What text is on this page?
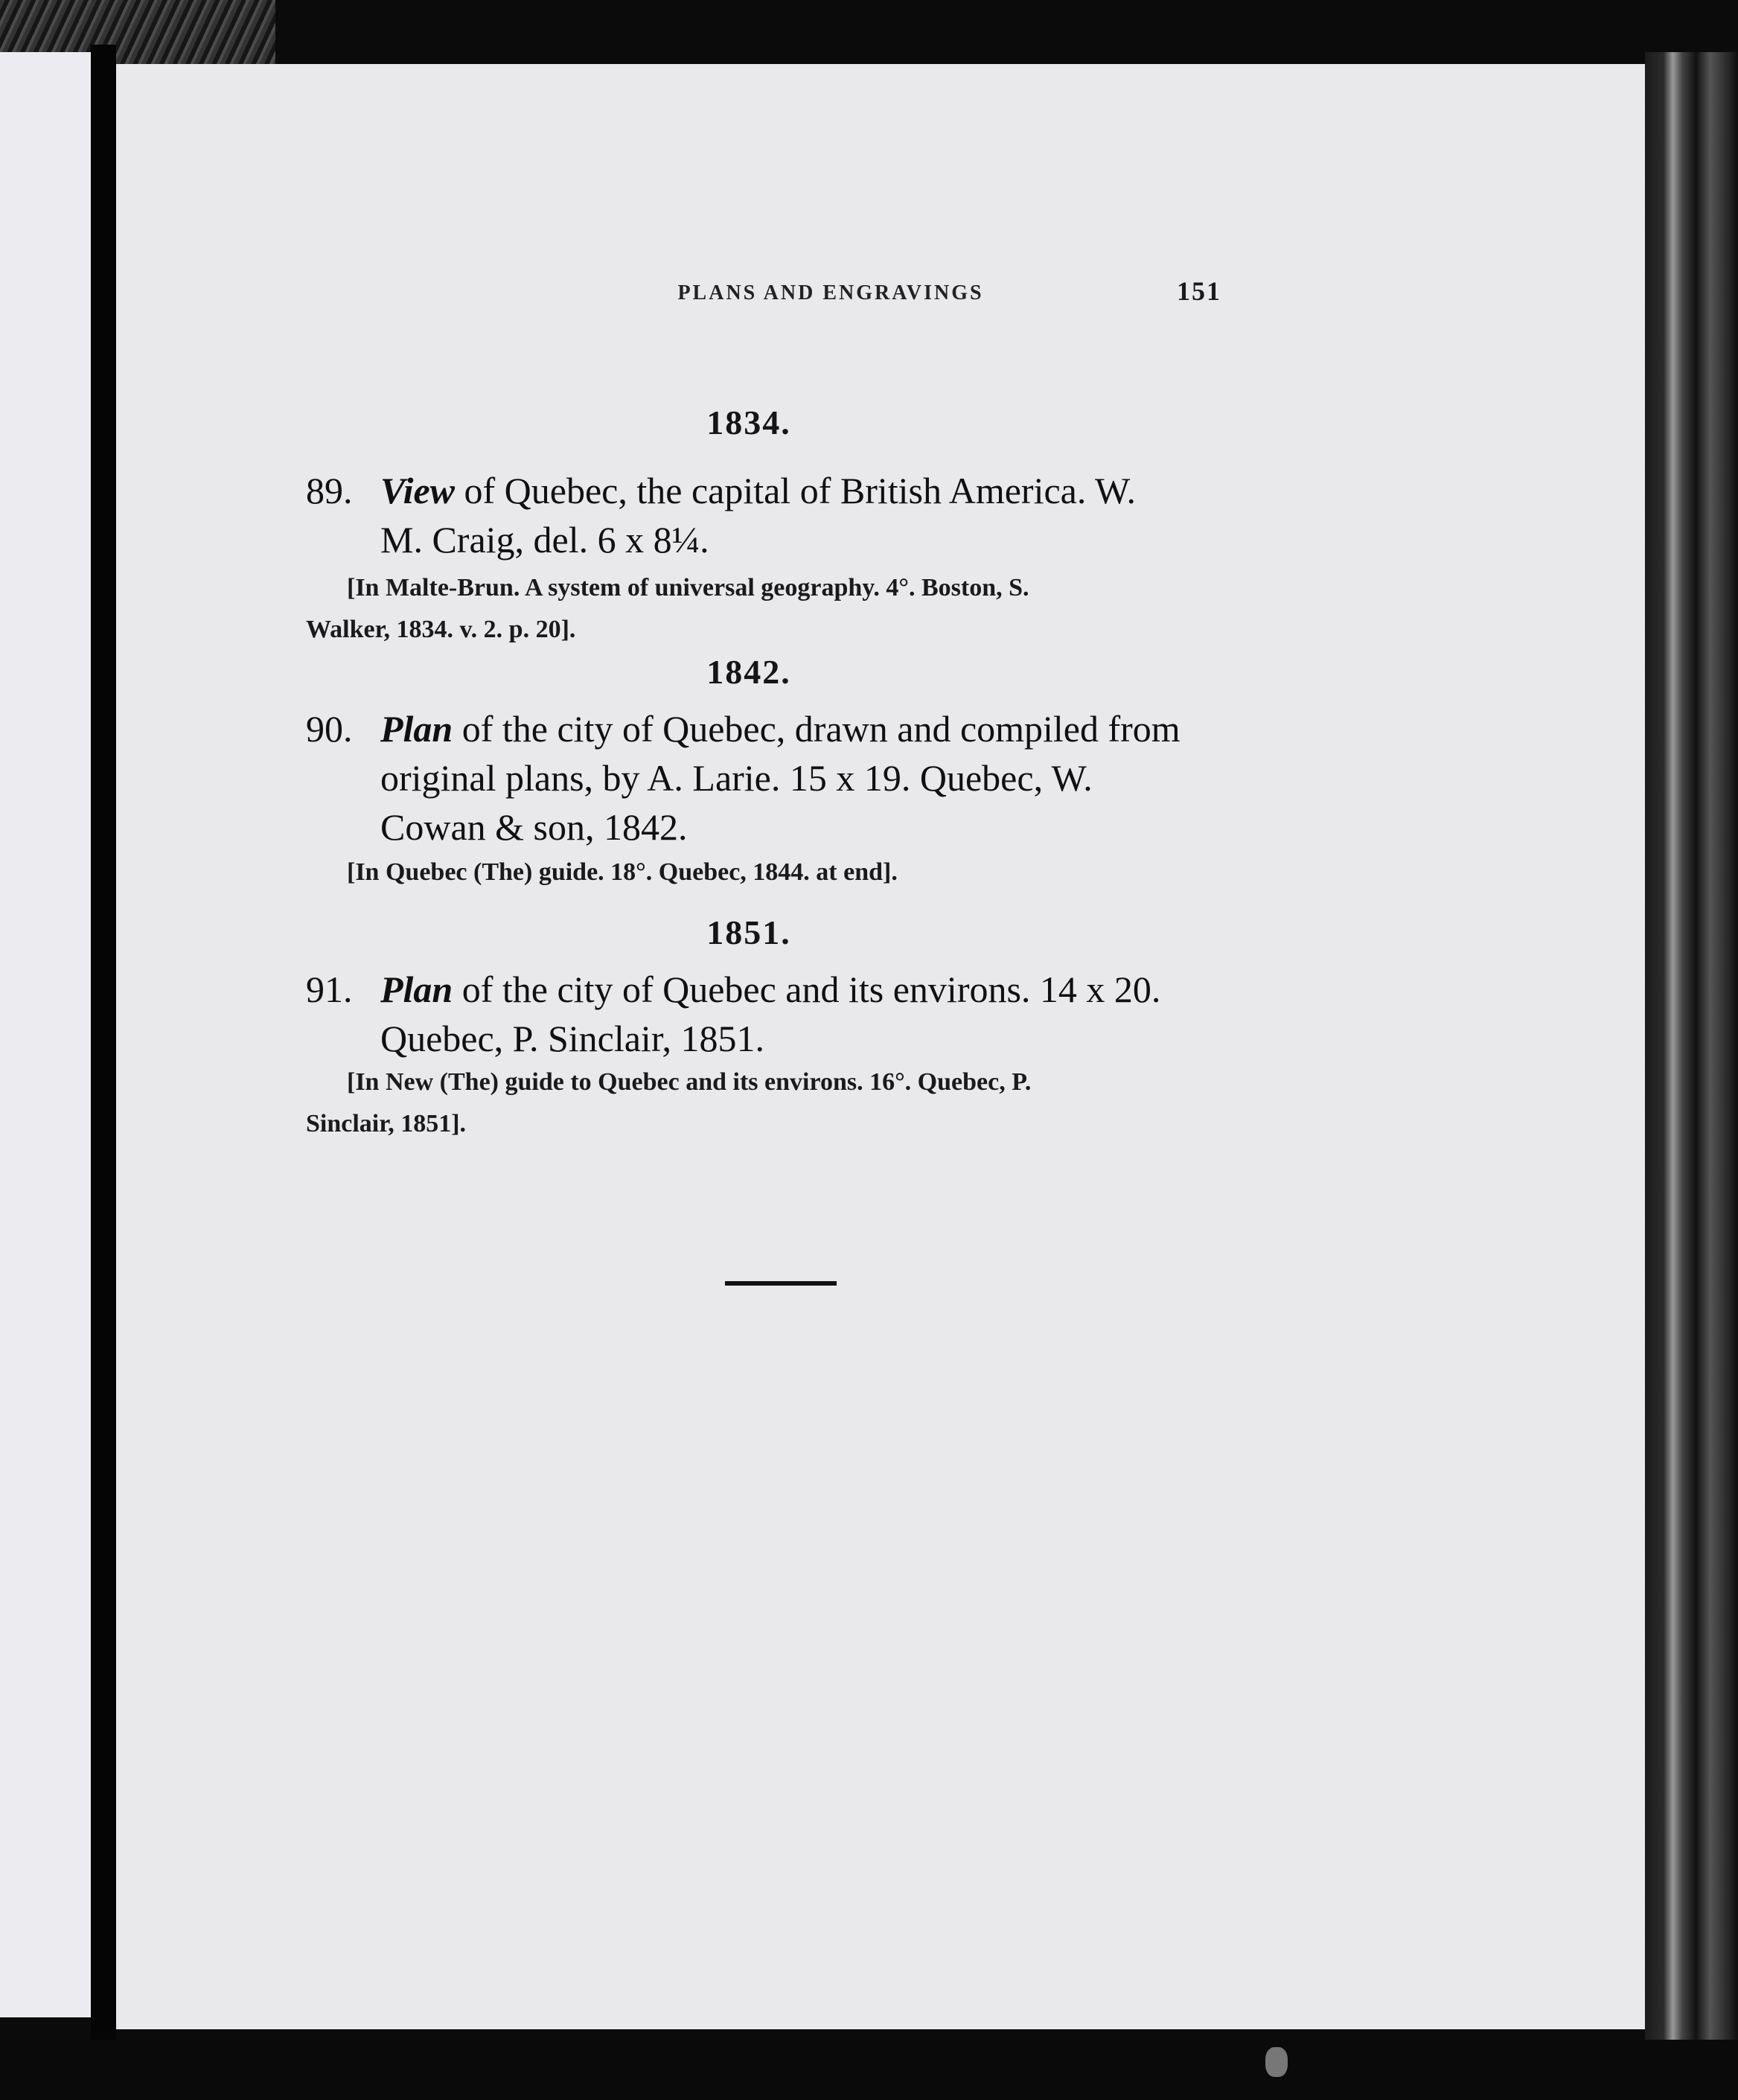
PLANS AND ENGRAVINGS	151
1834.
89. View of Quebec, the capital of British America. W.
M. Craig, del. 6 x 8¼.
[In Malte-Brun. A system of universal geography. 4°. Boston, S.
Walker, 1834. v. 2. p. 20].
1842.
90. Plan of the city of Quebec, drawn and compiled from
original plans, by A. Larie. 15 x 19. Quebec, W.
Cowan & son, 1842.
[In Quebec (The) guide. 18°. Quebec, 1844. at end].
1851.
91. Plan of the city of Quebec and its environs. 14 x 20.
Quebec, P. Sinclair, 1851.
[In New (The) guide to Quebec and its environs. 16°. Quebec, P.
Sinclair, 1851].
